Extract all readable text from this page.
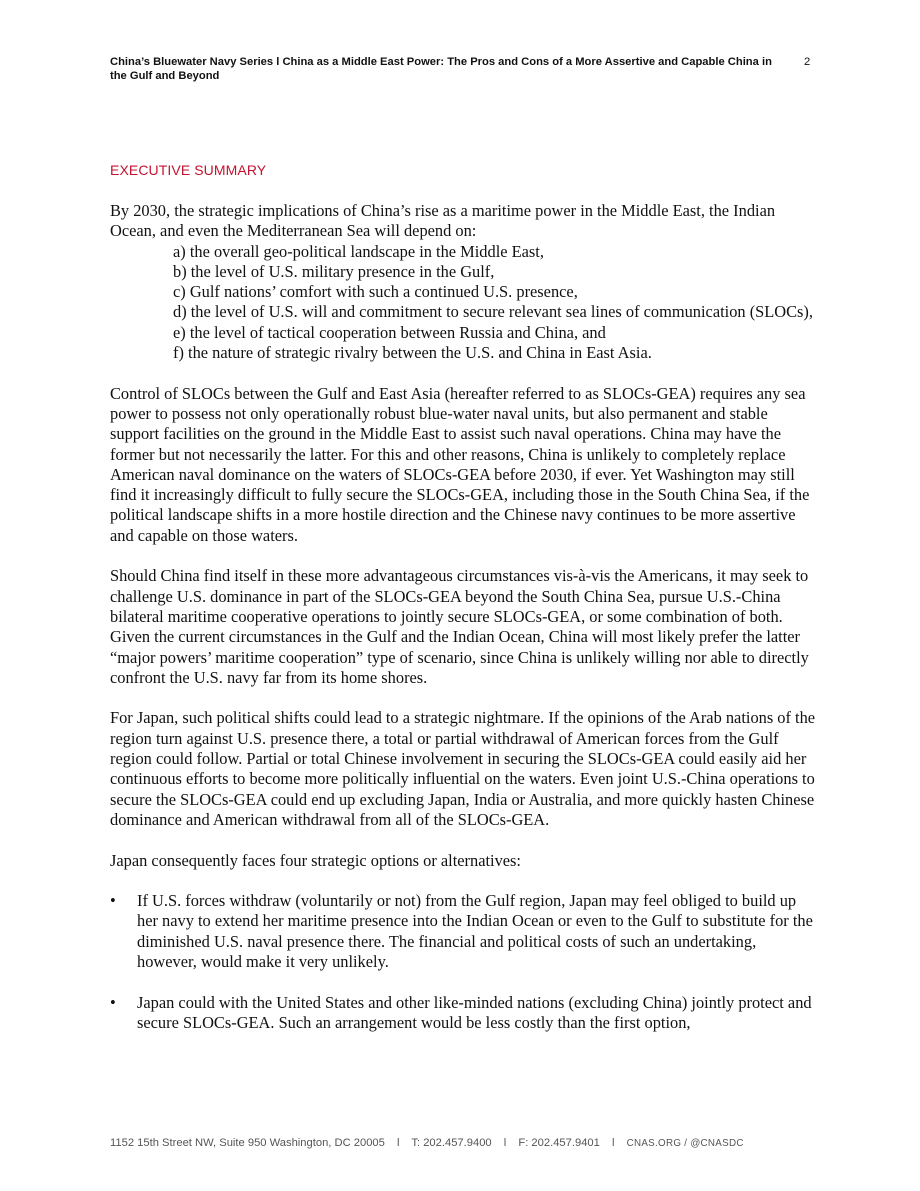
China’s Bluewater Navy Series l China as a Middle East Power: The Pros and Cons of a More Assertive and Capable China in the Gulf and Beyond
2
EXECUTIVE SUMMARY

By 2030, the strategic implications of China’s rise as a maritime power in the Middle East, the Indian Ocean, and even the Mediterranean Sea will depend on:

a) the overall geo-political landscape in the Middle East,
b) the level of U.S. military presence in the Gulf,
c) Gulf nations’ comfort with such a continued U.S. presence,
d) the level of U.S. will and commitment to secure relevant sea lines of communication (SLOCs),
e) the level of tactical cooperation between Russia and China, and
f) the nature of strategic rivalry between the U.S. and China in East Asia.

Control of SLOCs between the Gulf and East Asia (hereafter referred to as SLOCs-GEA) requires any sea power to possess not only operationally robust blue-water naval units, but also permanent and stable support facilities on the ground in the Middle East to assist such naval operations. China may have the former but not necessarily the latter. For this and other reasons, China is unlikely to completely replace American naval dominance on the waters of SLOCs-GEA before 2030, if ever. Yet Washington may still find it increasingly difficult to fully secure the SLOCs-GEA, including those in the South China Sea, if the political landscape shifts in a more hostile direction and the Chinese navy continues to be more assertive and capable on those waters.

Should China find itself in these more advantageous circumstances vis-à-vis the Americans, it may seek to challenge U.S. dominance in part of the SLOCs-GEA beyond the South China Sea, pursue U.S.-China bilateral maritime cooperative operations to jointly secure SLOCs-GEA, or some combination of both. Given the current circumstances in the Gulf and the Indian Ocean, China will most likely prefer the latter “major powers’ maritime cooperation” type of scenario, since China is unlikely willing nor able to directly confront the U.S. navy far from its home shores.

For Japan, such political shifts could lead to a strategic nightmare. If the opinions of the Arab nations of the region turn against U.S. presence there, a total or partial withdrawal of American forces from the Gulf region could follow. Partial or total Chinese involvement in securing the SLOCs-GEA could easily aid her continuous efforts to become more politically influential on the waters. Even joint U.S.-China operations to secure the SLOCs-GEA could end up excluding Japan, India or Australia, and more quickly hasten Chinese dominance and American withdrawal from all of the SLOCs-GEA.

Japan consequently faces four strategic options or alternatives:

• If U.S. forces withdraw (voluntarily or not) from the Gulf region, Japan may feel obliged to build up her navy to extend her maritime presence into the Indian Ocean or even to the Gulf to substitute for the diminished U.S. naval presence there. The financial and political costs of such an undertaking, however, would make it very unlikely.
• Japan could with the United States and other like-minded nations (excluding China) jointly protect and secure SLOCs-GEA. Such an arrangement would be less costly than the first option,
1152 15th Street NW, Suite 950 Washington, DC 20005 l T: 202.457.9400 l F: 202.457.9401 l CNAS.ORG / @CNASDC
